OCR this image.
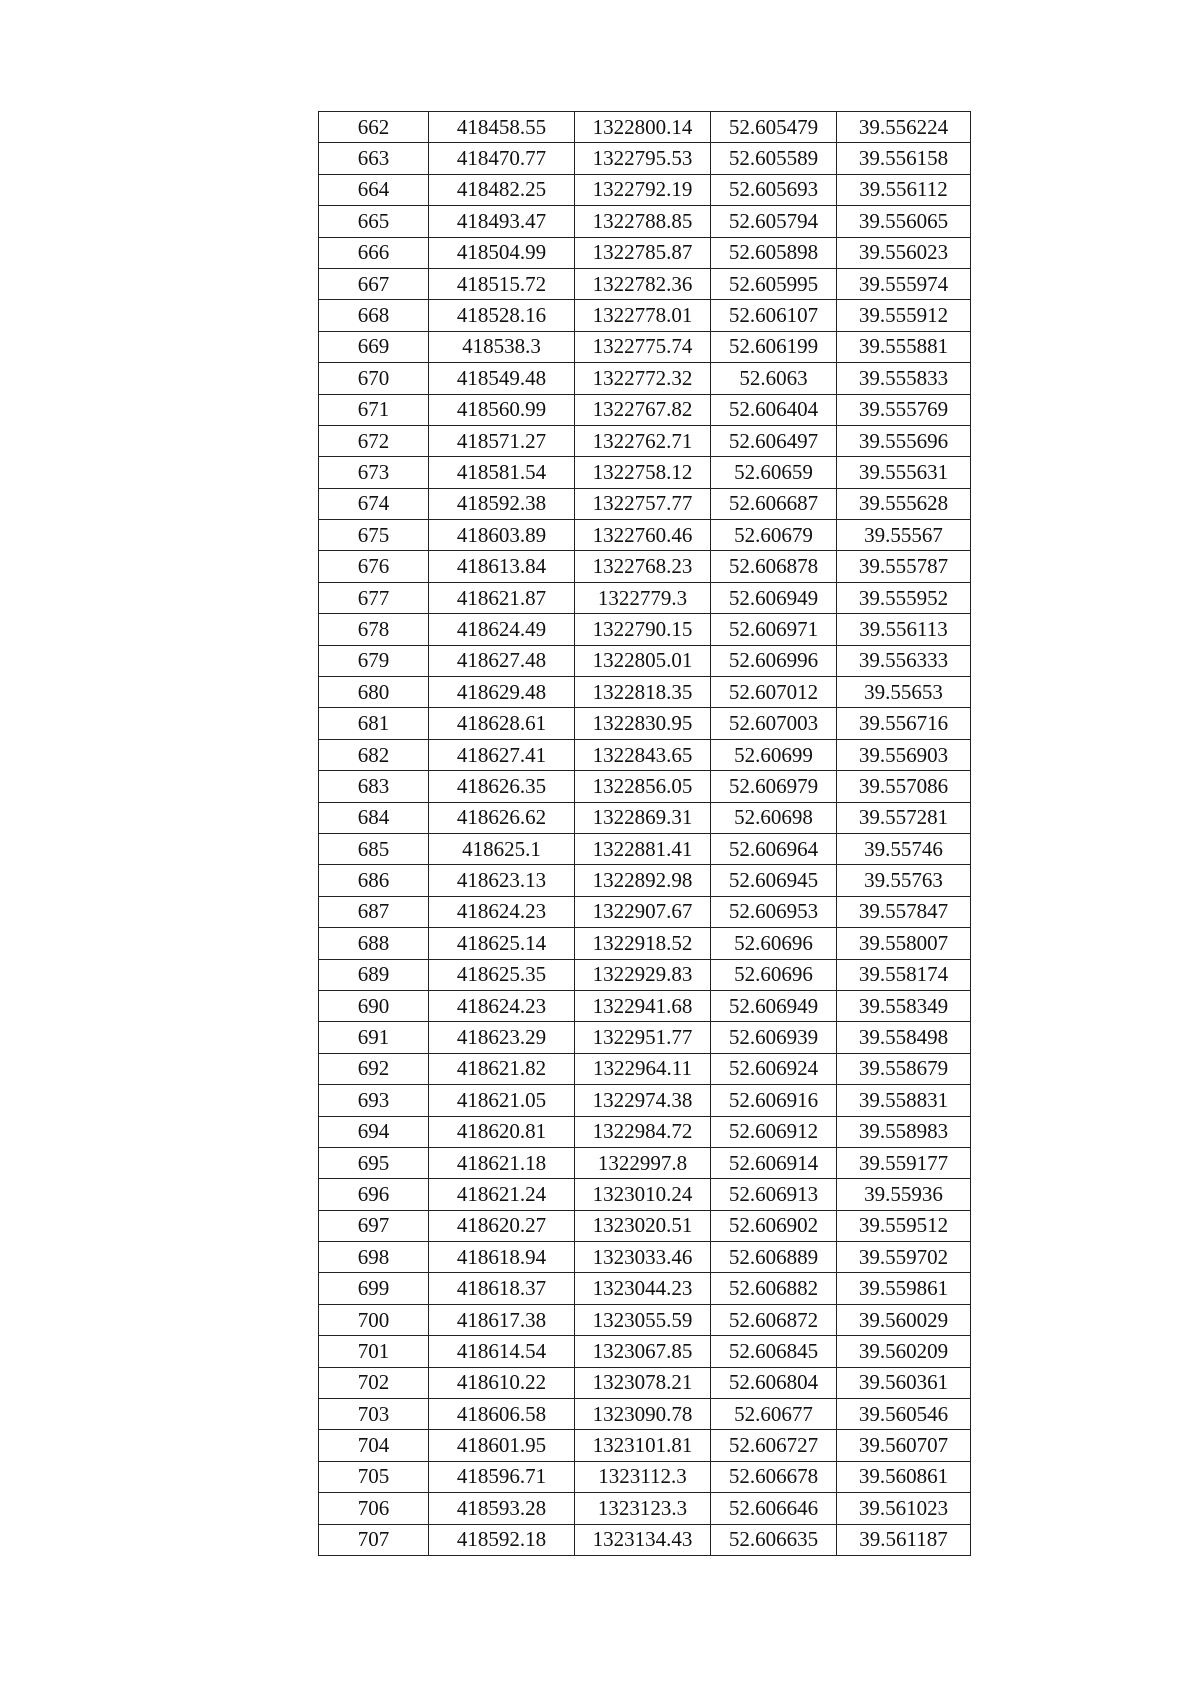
662	418458.55	1322800.14	52.605479	39.556224
663	418470.77	1322795.53	52.605589	39.556158
664	418482.25	1322792.19	52.605693	39.556112
665	418493.47	1322788.85	52.605794	39.556065
666	418504.99	1322785.87	52.605898	39.556023
667	418515.72	1322782.36	52.605995	39.555974
668	418528.16	1322778.01	52.606107	39.555912
669	418538.3	1322775.74	52.606199	39.555881
670	418549.48	1322772.32	52.6063	39.555833
671	418560.99	1322767.82	52.606404	39.555769
672	418571.27	1322762.71	52.606497	39.555696
673	418581.54	1322758.12	52.60659	39.555631
674	418592.38	1322757.77	52.606687	39.555628
675	418603.89	1322760.46	52.60679	39.55567
676	418613.84	1322768.23	52.606878	39.555787
677	418621.87	1322779.3	52.606949	39.555952
678	418624.49	1322790.15	52.606971	39.556113
679	418627.48	1322805.01	52.606996	39.556333
680	418629.48	1322818.35	52.607012	39.55653
681	418628.61	1322830.95	52.607003	39.556716
682	418627.41	1322843.65	52.60699	39.556903
683	418626.35	1322856.05	52.606979	39.557086
684	418626.62	1322869.31	52.60698	39.557281
685	418625.1	1322881.41	52.606964	39.55746
686	418623.13	1322892.98	52.606945	39.55763
687	418624.23	1322907.67	52.606953	39.557847
688	418625.14	1322918.52	52.60696	39.558007
689	418625.35	1322929.83	52.60696	39.558174
690	418624.23	1322941.68	52.606949	39.558349
691	418623.29	1322951.77	52.606939	39.558498
692	418621.82	1322964.11	52.606924	39.558679
693	418621.05	1322974.38	52.606916	39.558831
694	418620.81	1322984.72	52.606912	39.558983
695	418621.18	1322997.8	52.606914	39.559177
696	418621.24	1323010.24	52.606913	39.55936
697	418620.27	1323020.51	52.606902	39.559512
698	418618.94	1323033.46	52.606889	39.559702
699	418618.37	1323044.23	52.606882	39.559861
700	418617.38	1323055.59	52.606872	39.560029
701	418614.54	1323067.85	52.606845	39.560209
702	418610.22	1323078.21	52.606804	39.560361
703	418606.58	1323090.78	52.60677	39.560546
704	418601.95	1323101.81	52.606727	39.560707
705	418596.71	1323112.3	52.606678	39.560861
706	418593.28	1323123.3	52.606646	39.561023
707	418592.18	1323134.43	52.606635	39.561187
